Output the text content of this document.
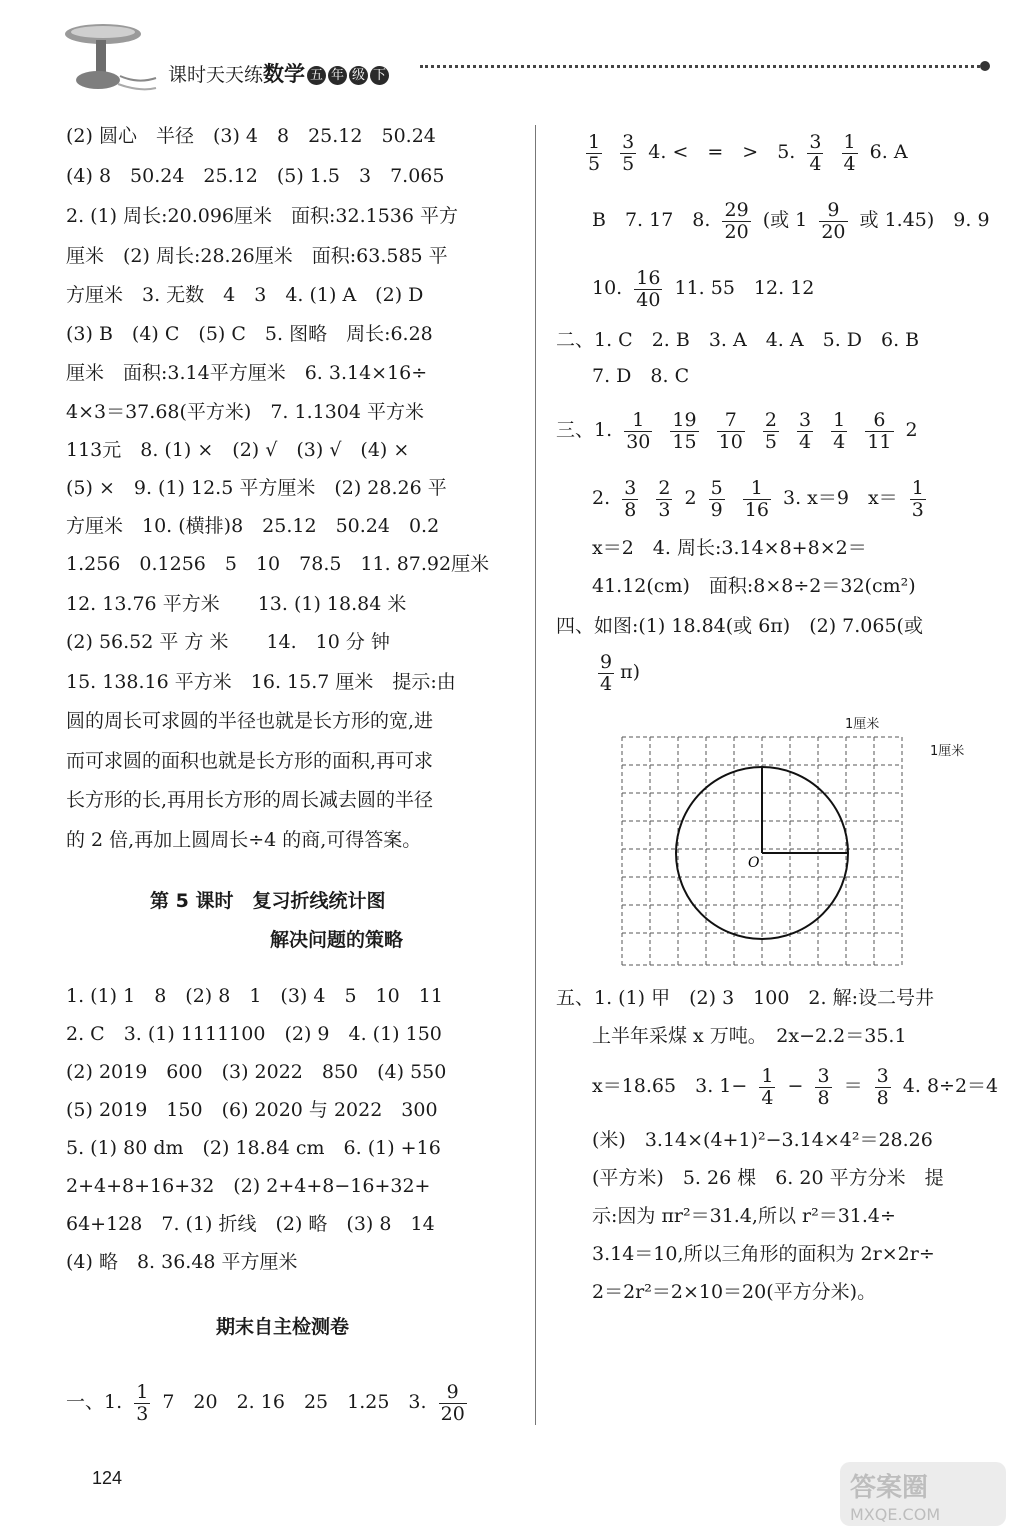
课时天天练数学 五 年 级 下
(2) 圆心　半径　(3) 4　8　25.12　50.24
(4) 8　50.24　25.12　(5) 1.5　3　7.065
2. (1) 周长:20.096厘米　面积:32.1536 平方
厘米　(2) 周长:28.26厘米　面积:63.585 平
方厘米　3. 无数　4　3　4. (1) A　(2) D
(3) B　(4) C　(5) C　5. 图略　周长:6.28
厘米　面积:3.14平方厘米　6. 3.14×16÷
4×3＝37.68(平方米)　7. 1.1304 平方米
113元　8. (1) ×　(2) √　(3) √　(4) ×
(5) ×　9. (1) 12.5 平方厘米　(2) 28.26 平
方厘米　10. (横排)8　25.12　50.24　0.2
1.256　0.1256　5　10　78.5　11. 87.92厘米
12. 13.76 平方米　　13. (1) 18.84 米
(2) 56.52 平 方 米　　14.　10 分 钟
15. 138.16 平方米　16. 15.7 厘米　提示:由
圆的周长可求圆的半径也就是长方形的宽,进
而可求圆的面积也就是长方形的面积,再可求
长方形的长,再用长方形的周长减去圆的半径
的 2 倍,再加上圆周长÷4 的商,可得答案。
第 5 课时　复习折线统计图
解决问题的策略
1. (1) 1　8　(2) 8　1　(3) 4　5　10　11
2. C　3. (1) 1111100　(2) 9　4. (1) 150
(2) 2019　600　(3) 2022　850　(4) 550
(5) 2019　150　(6) 2020 与 2022　300
5. (1) 80 dm　(2) 18.84 cm　6. (1) +16
2+4+8+16+32　(2) 2+4+8−16+32+
64+128　7. (1) 折线　(2) 略　(3) 8　14
(4) 略　8. 36.48 平方厘米
期末自主检测卷
一、1. $\frac{1}{3} 7$　20　2. 16　25　1.25　3. $\frac{9}{20}$
$\frac{1}{5}$
$\frac{3}{5} 4$. <　=　>　5. $\frac{3}{4}$
$\frac{1}{4} 6$. A
B　7. 17　8. $\frac{29}{20}$ (或 $1 \frac{9}{20}$ 或 1.45)　9. 9
10. $\frac{16}{40} 11$. 55　12. 12
二、1. C　2. B　3. A　4. A　5. D　6. B
7. D　8. C
三、1. $\frac{1}{30}$
$\frac{19}{15}$
$\frac{7}{10}$
$\frac{2}{5}$
$\frac{3}{4}$
$\frac{1}{4}$
$\frac{6}{11} 2$
2. $\frac{3}{8}$
$\frac{2}{3} 2 \frac{5}{9}$
$\frac{1}{16} 3$. x＝9　$x= \frac{1}{3}$
x＝2　4. 周长:3.14×8+8×2＝
41.12(cm)　面积:8×8÷2＝32(cm²)
四、如图:(1) 18.84(或 6π)　(2) 7.065(或
$\frac{9}{4} \pi$)
五、1. (1) 甲　(2) 3　100　2. 解:设二号井
上半年采煤 x 万吨。　2x−2.2＝35.1
x＝18.65　3. $1- \frac{1}{4} - \frac{3}{8} = \frac{3}{8} 4$. 8÷2＝4
(米)　3.14×(4+1)²−3.14×4²＝28.26
(平方米)　5. 26 棵　6. 20 平方分米　提
示:因为 πr²＝31.4,所以 r²＝31.4÷
3.14＝10,所以三角形的面积为 2r×2r÷
2＝2r²＝2×10＝20(平方分米)。
1厘米
1厘米
O
124	答案圈
MXQE.COM
